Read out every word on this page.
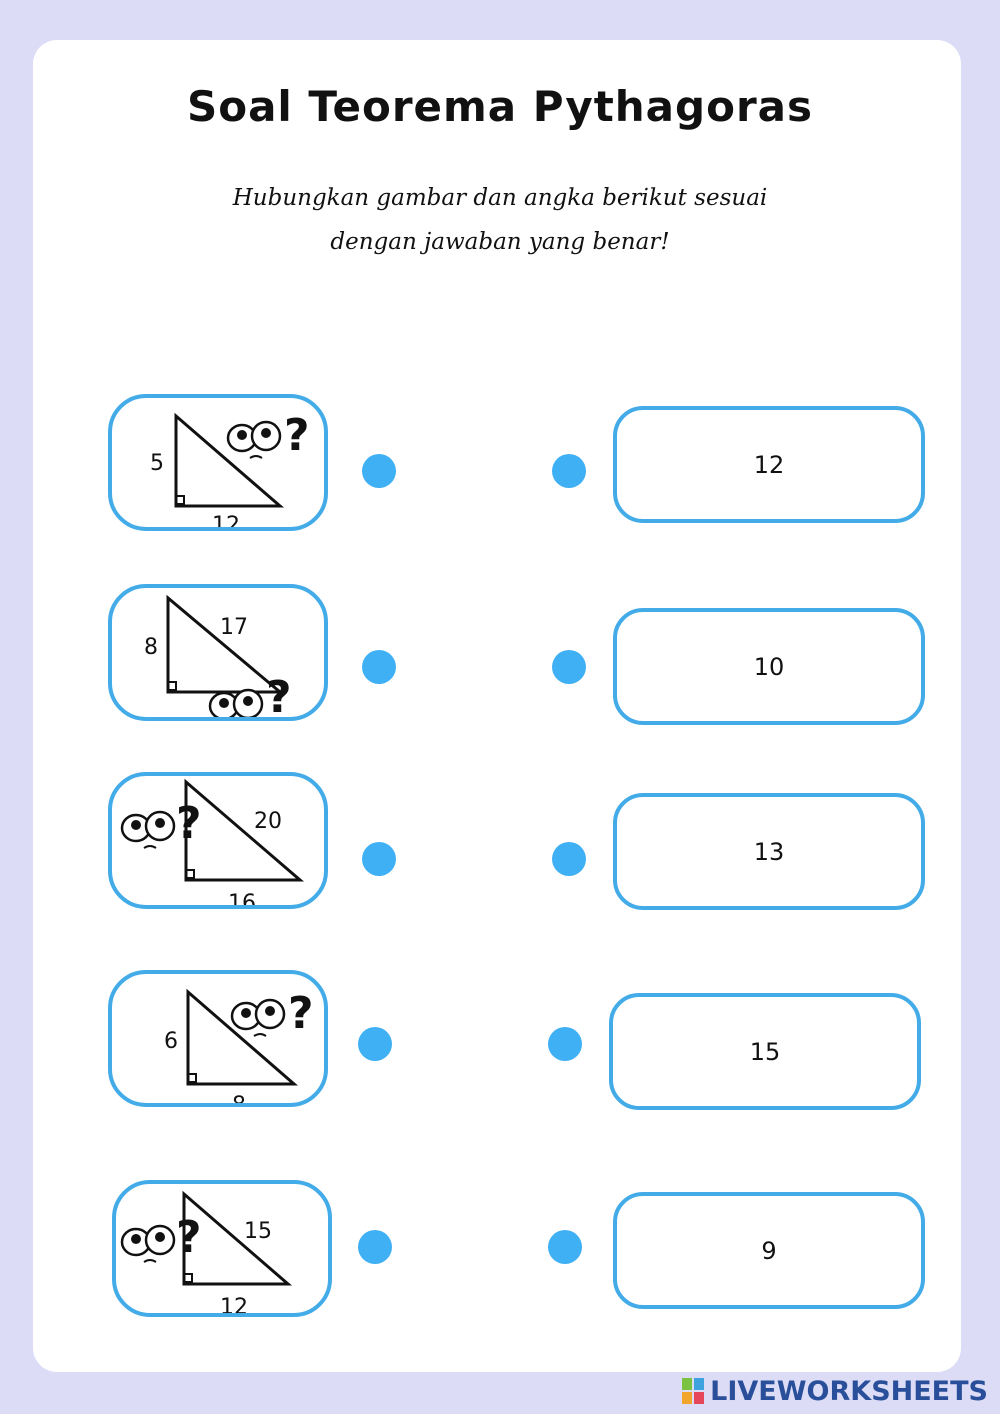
Soal Teorema Pythagoras
Hubungkan gambar dan angka berikut sesuai
dengan jawaban yang benar!
5
12
?
12
8
17
?
10
20
16
?
13
6
8
?
15
15
12
?	9
LIVEWORKSHEETS
